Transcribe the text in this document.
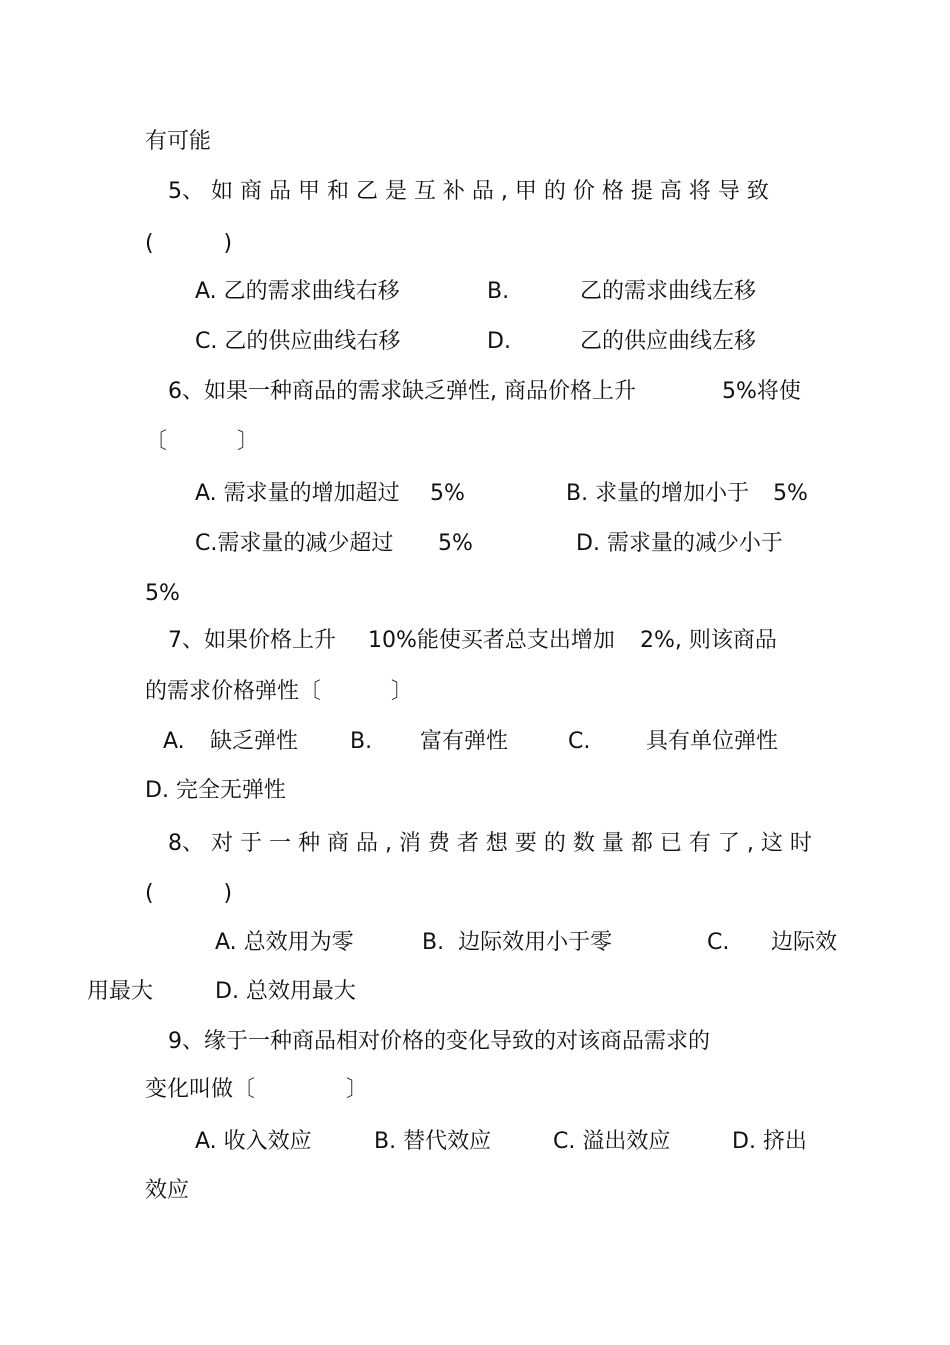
有可能
5、 如 商 品 甲 和 乙 是 互 补 品 , 甲 的 价 格 提 高 将 导 致
(          )
A. 乙的需求曲线右移	B.	乙的需求曲线左移
C. 乙的供应曲线右移	D.	乙的供应曲线左移
6、如果一种商品的需求缺乏弹性, 商品价格上升	5%将使
〔          〕
A. 需求量的增加超过 5%	B. 求量的增加小于 5%
C.需求量的减少超过 5%	D. 需求量的减少小于
5%
7、如果价格上升 10%能使买者总支出增加 2%, 则该商品
的需求价格弹性〔          〕
A. 缺乏弹性 B. 富有弹性	C.	具有单位弹性
D. 完全无弹性
8、 对 于 一 种 商 品 , 消 费 者 想 要 的 数 量 都 已 有 了 , 这 时
(          )
A. 总效用为零	B.  边际效用小于零	C. 边际效
用最大	D. 总效用最大
9、缘于一种商品相对价格的变化导致的对该商品需求的
变化叫做〔             〕
A. 收入效应	B. 替代效应	C. 溢出效应	D. 挤出
效应
